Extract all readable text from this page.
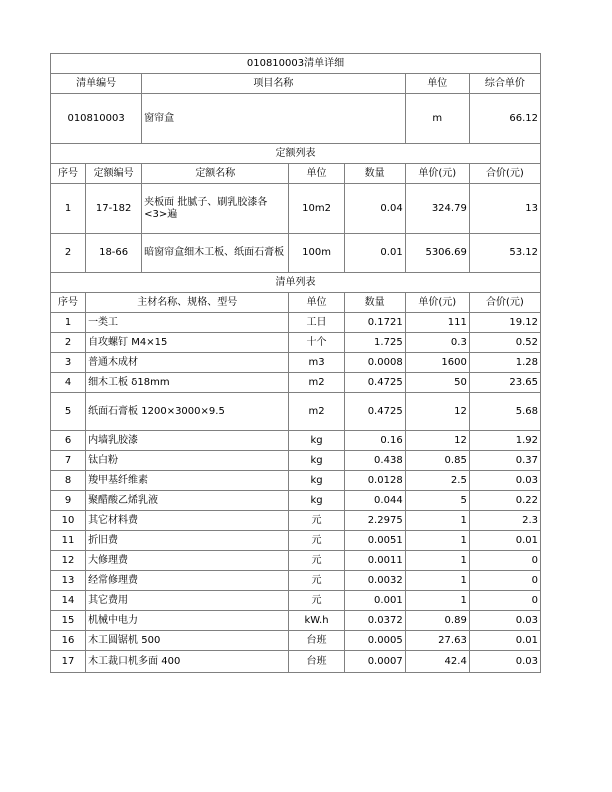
010810003清单详细						
清单编号		项目名称			单位	综合单价
010810003		窗帘盒			m	66.12
定额列表						
序号	定额编号	定额名称	单位	数量	单价(元)	合价(元)
1	17-182	夹板面 批腻子、刷乳胶漆各<3>遍	10m2	0.04	324.79	13
2	18-66	暗窗帘盒细木工板、纸面石膏板	100m	0.01	5306.69	53.12
清单列表						
序号	主材名称、规格、型号		单位	数量	单价(元)	合价(元)
1	一类工		工日	0.1721	111	19.12
2	自攻螺钉 M4×15		十个	1.725	0.3	0.52
3	普通木成材		m3	0.0008	1600	1.28
4	细木工板 δ18mm		m2	0.4725	50	23.65
5	纸面石膏板 1200×3000×9.5		m2	0.4725	12	5.68
6	内墙乳胶漆		kg	0.16	12	1.92
7	钛白粉		kg	0.438	0.85	0.37
8	羧甲基纤维素		kg	0.0128	2.5	0.03
9	聚醋酸乙烯乳液		kg	0.044	5	0.22
10	其它材料费		元	2.2975	1	2.3
11	折旧费		元	0.0051	1	0.01
12	大修理费		元	0.0011	1	0
13	经常修理费		元	0.0032	1	0
14	其它费用		元	0.001	1	0
15	机械中电力		kW.h	0.0372	0.89	0.03
16	木工圆锯机 500		台班	0.0005	27.63	0.01
17	木工裁口机多面 400		台班	0.0007	42.4	0.03
